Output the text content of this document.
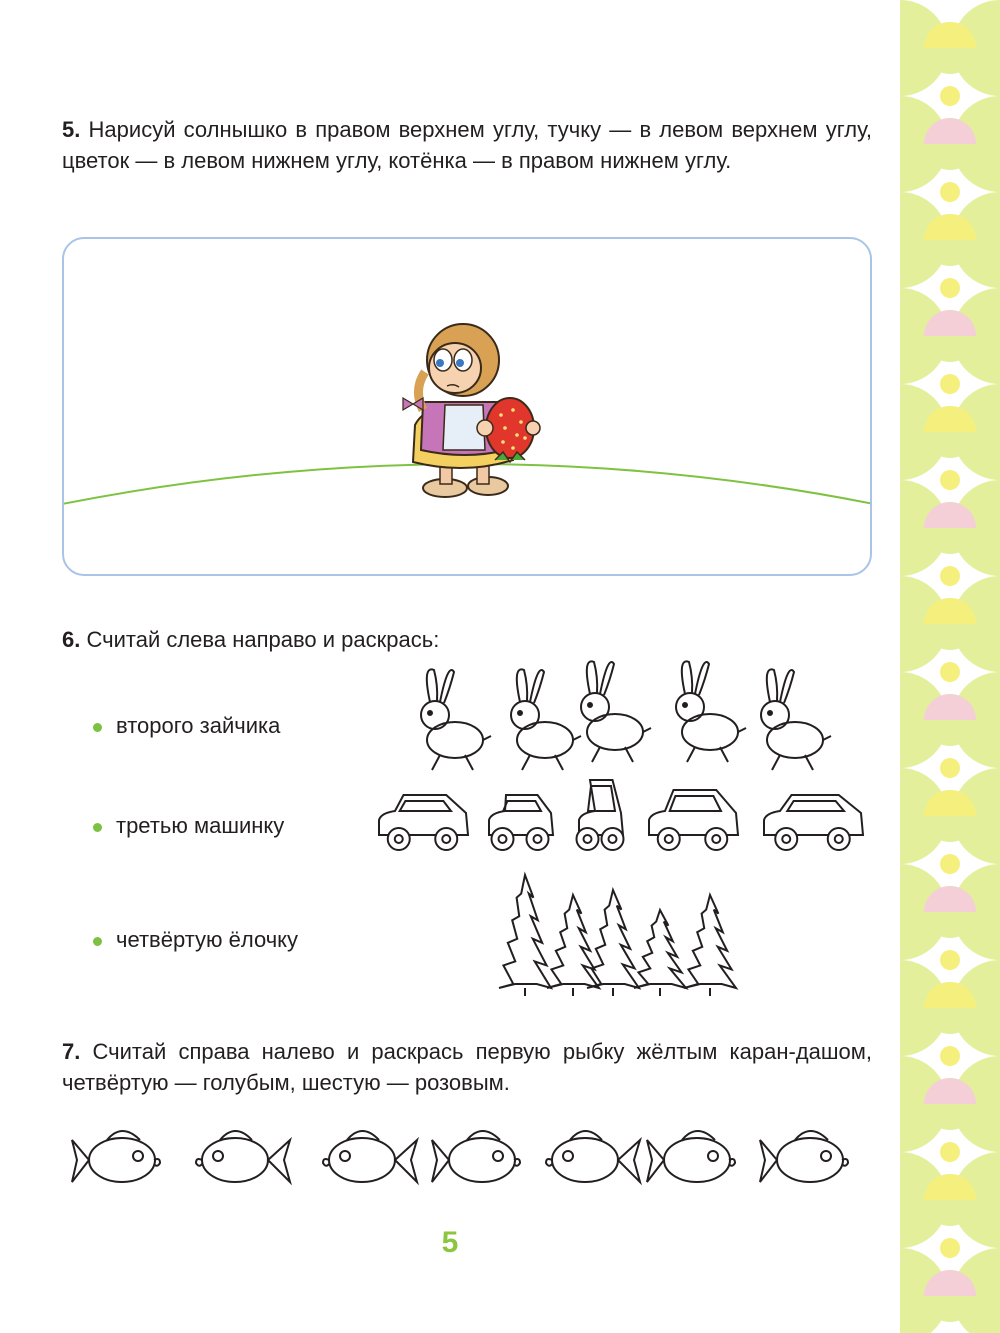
5. Нарисуй солнышко в правом верхнем углу, тучку — в левом верхнем углу, цветок — в левом нижнем углу, котёнка — в правом нижнем углу.
6. Считай слева направо и раскрась:
второго зайчика
третью машинку
четвёртую ёлочку
7. Считай справа налево и раскрась первую рыбку жёлтым каран-дашом, четвёртую — голубым, шестую — розовым.
5
